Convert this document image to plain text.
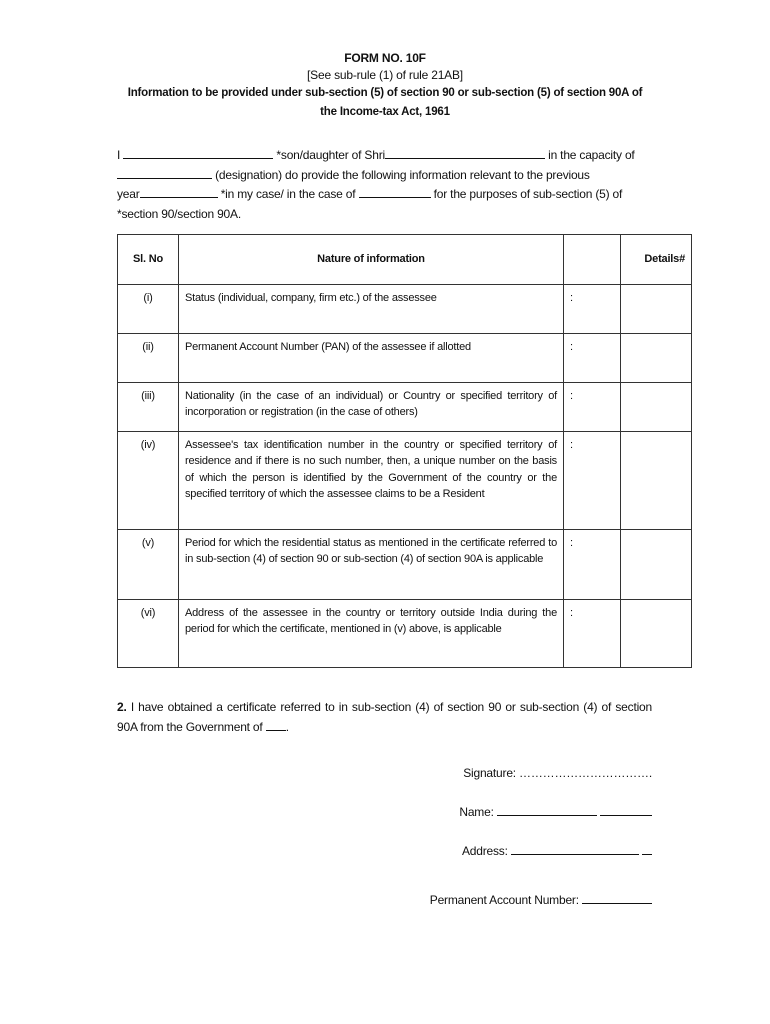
FORM NO. 10F
[See sub-rule (1) of rule 21AB]
Information to be provided under sub-section (5) of section 90 or sub-section (5) of section 90A of
the Income-tax Act, 1961
I	*son/daughter of Shri	in the capacity of
(designation) do provide the following information relevant to the previous
year	*in my case/ in the case of	for the purposes of sub-section (5) of
*section 90/section 90A.
Sl. No	Nature of information		Details#
(i)	Status (individual, company, firm etc.) of the assessee	:	
(ii)	Permanent Account Number (PAN) of the assessee if allotted	:	
(iii)	Nationality (in the case of an individual) or Country or specified territory of incorporation or registration (in the case of others)	:	
(iv)	Assessee's tax identification number in the country or specified territory of residence and if there is no such number, then, a unique number on the basis of which the person is identified by the Government of the country or the specified territory of which the assessee claims to be a Resident	:	
(v)	Period for which the residential status as mentioned in the certificate referred to in sub-section (4) of section 90 or sub-section (4) of section 90A is applicable	:	
(vi)	Address of the assessee in the country or territory outside India during the period for which the certificate, mentioned in (v) above, is applicable	:	
2. I have obtained a certificate referred to in sub-section (4) of section 90 or sub-section (4) of section 90A from the Government of .
Signature: …………………………….
Name:
Address:
Permanent Account Number:
